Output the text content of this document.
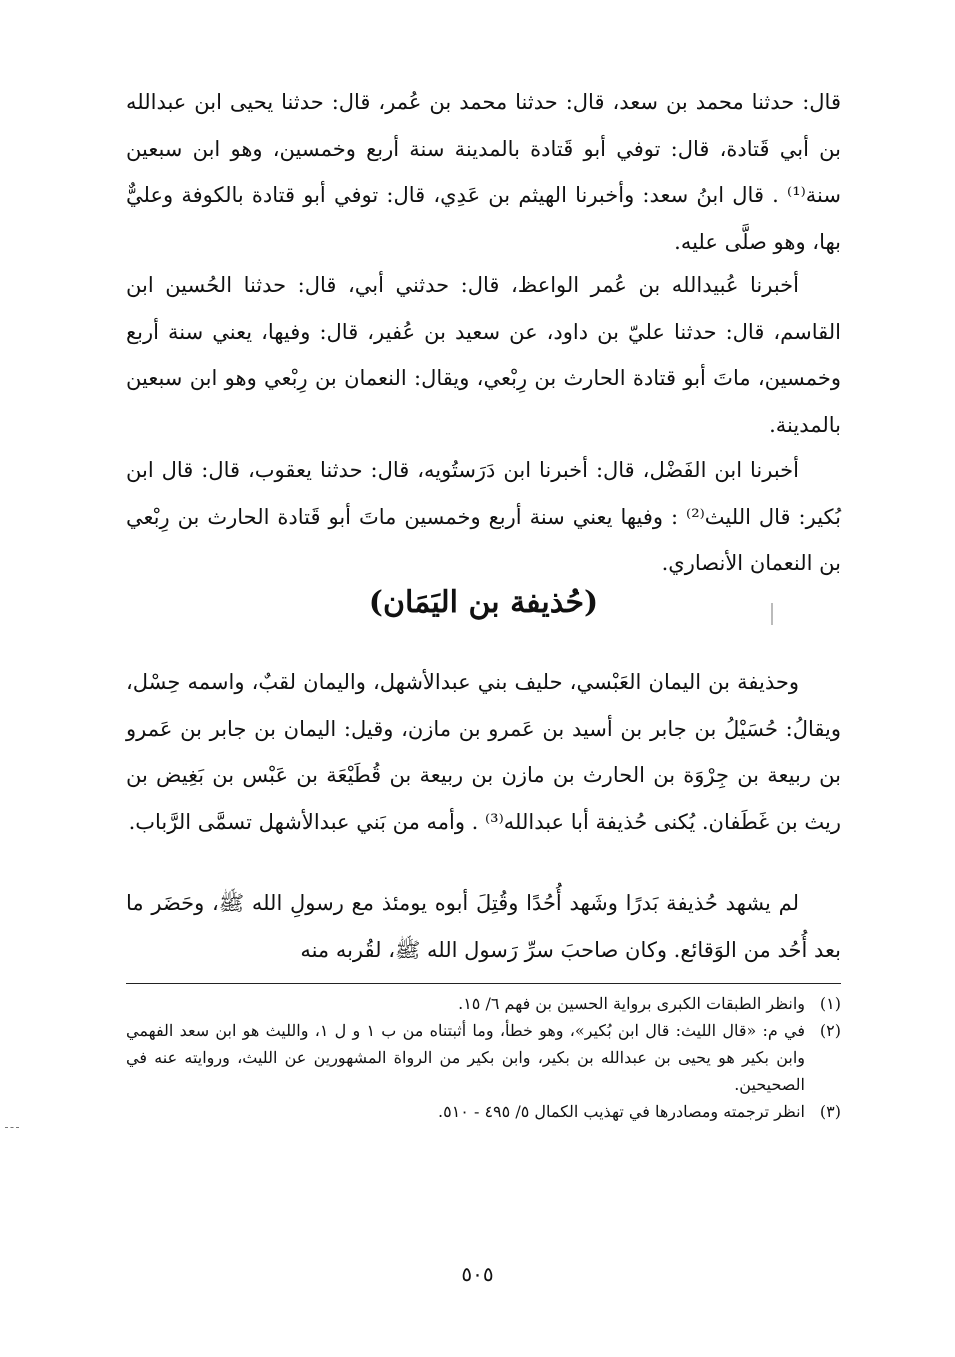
قال: حدثنا محمد بن سعد، قال: حدثنا محمد بن عُمر، قال: حدثنا يحيى ابن عبدالله بن أبي قَتادة، قال: توفي أبو قَتادة بالمدينة سنة أربع وخمسين، وهو ابن سبعين سنة⁽¹⁾ . قال ابنُ سعد: وأخبرنا الهيثم بن عَدِي، قال: توفي أبو قتادة بالكوفة وعليٌّ بها، وهو صلَّى عليه.

أخبرنا عُبيدالله بن عُمر الواعظ، قال: حدثني أبي، قال: حدثنا الحُسين ابن القاسم، قال: حدثنا عليّ بن داود، عن سعيد بن عُفير، قال: وفيها، يعني سنة أربع وخمسين، ماتَ أبو قتادة الحارث بن رِبْعي، ويقال: النعمان بن رِبْعي وهو ابن سبعين بالمدينة.

أخبرنا ابن الفَضْل، قال: أخبرنا ابن دَرَستُويه، قال: حدثنا يعقوب، قال: قال ابن بُكير: قال الليث⁽²⁾ : وفيها يعني سنة أربع وخمسين ماتَ أبو قَتادة الحارث بن رِبْعي بن النعمان الأنصاري.

(حُذيفة بن اليَمَان)

وحذيفة بن اليمان العَبْسي، حليف بني عبدالأشهل، واليمان لقبٌ، واسمه حِسْل، ويقالُ: حُسَيْلُ بن جابر بن أسيد بن عَمرو بن مازن، وقيل: اليمان بن جابر بن عَمرو بن ربيعة بن جِرْوَة بن الحارث بن مازن بن ربيعة بن قُطَيْعَة بن عَبْس بن بَغِيض بن ريث بن غَطَفان. يُكنى حُذيفة أبا عبدالله⁽³⁾ . وأمه من بَني عبدالأشهل تسمَّى الرَّباب.

لم يشهد حُذيفة بَدرًا وشَهد أُحُدًا وقُتِلَ أبوه يومئذ مع رسولِ الله ﷺ، وحَضَر ما بعد أُحُد من الوَقائع. وكان صاحبَ سرِّ رَسول الله ﷺ، لقُربه منه

(١)
وانظر الطبقات الكبرى برواية الحسين بن فهم ٦/ ١٥.
(٢)
في م: «قال الليث: قال ابن بُكير»، وهو خطأ، وما أثبتناه من ب ١ و ل ١، والليث هو ابن سعد الفهمي وابن بكير هو يحيى بن عبدالله بن بكير، وابن بكير من الرواة المشهورين عن الليث، وروايته عنه في الصحيحين.
(٣)
انظر ترجمته ومصادرها في تهذيب الكمال ٥/ ٤٩٥ - ٥١٠.
٥٠٥
